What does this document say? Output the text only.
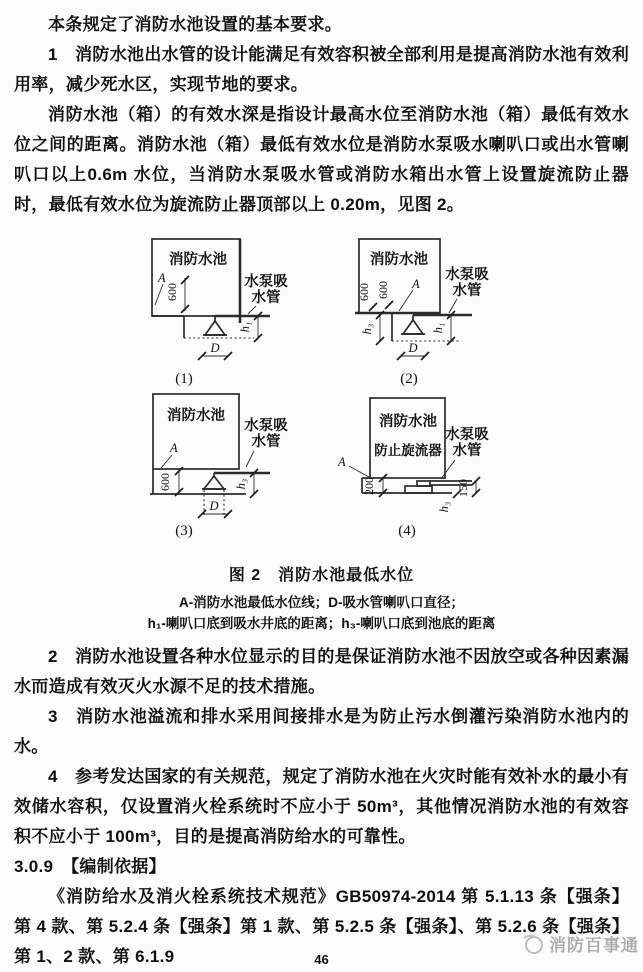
本条规定了消防水池设置的基本要求。

1　消防水池出水管的设计能满足有效容积被全部利用是提高消防水池有效利用率，减少死水区，实现节地的要求。

消防水池（箱）的有效水深是指设计最高水位至消防水池（箱）最低有效水位之间的距离。消防水池（箱）最低有效水位是消防水泵吸水喇叭口或出水管喇叭口以上0.6m 水位，当消防水泵吸水管或消防水箱出水管上设置旋流防止器时，最低有效水位为旋流防止器顶部以上 0.20m，见图 2。

消防水池
A
600
h₁
D
水泵吸
水管
(1)
消防水池
600 600 A
h₃	h₁
D
水泵吸
水管
(2)
消防水池
A
600	h₃
D
水泵吸
水管
(3)
消防水池
防止旋流器
A
200	150
h₃
水泵吸
水管
(4)
图 2　消防水池最低水位
A-消防水池最低水位线；D-吸水管喇叭口直径；
h₁-喇叭口底到吸水井底的距离；h₃-喇叭口底到池底的距离

2　消防水池设置各种水位显示的目的是保证消防水池不因放空或各种因素漏水而造成有效灭火水源不足的技术措施。

3　消防水池溢流和排水采用间接排水是为防止污水倒灌污染消防水池内的水。

4　参考发达国家的有关规范，规定了消防水池在火灾时能有效补水的最小有效储水容积，仅设置消火栓系统时不应小于 50m³，其他情况消防水池的有效容积不应小于 100m³，目的是提高消防给水的可靠性。

3.0.9　【编制依据】

《消防给水及消火栓系统技术规范》GB50974-2014 第 5.1.13 条【强条】第 4 款、第 5.2.4 条【强条】第 1 款、第 5.2.5 条【强条】、第 5.2.6 条【强条】第 1、2 款、第 6.1.9

消防百事通
46
